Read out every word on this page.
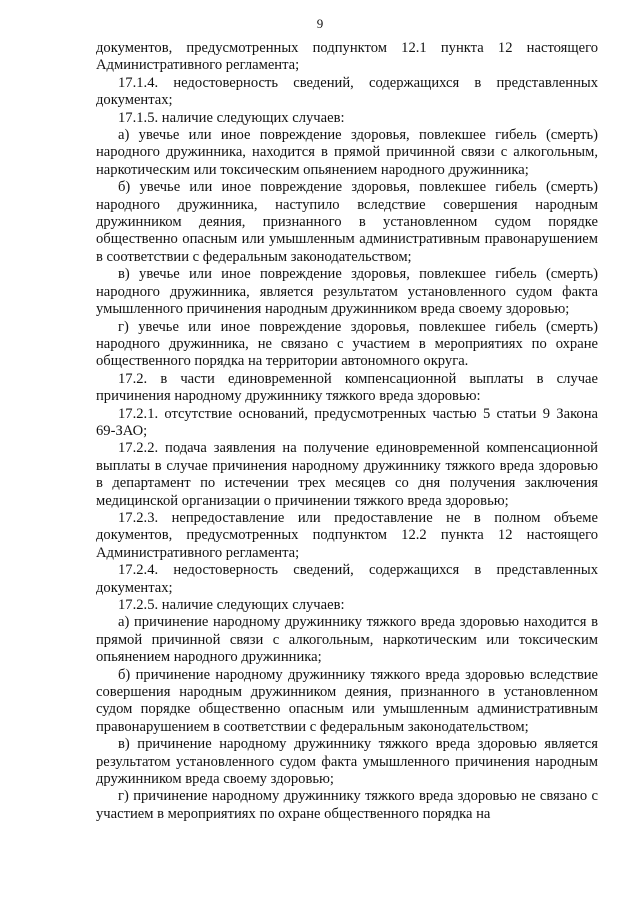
9

документов, предусмотренных подпунктом 12.1 пункта 12 настоящего Административного регламента;

17.1.4. недостоверность сведений, содержащихся в представленных документах;

17.1.5. наличие следующих случаев:

а) увечье или иное повреждение здоровья, повлекшее гибель (смерть) народного дружинника, находится в прямой причинной связи с алкогольным, наркотическим или токсическим опьянением народного дружинника;

б) увечье или иное повреждение здоровья, повлекшее гибель (смерть) народного дружинника, наступило вследствие совершения народным дружинником деяния, признанного в установленном судом порядке общественно опасным или умышленным административным правонарушением в соответствии с федеральным законодательством;

в) увечье или иное повреждение здоровья, повлекшее гибель (смерть) народного дружинника, является результатом установленного судом факта умышленного причинения народным дружинником вреда своему здоровью;

г) увечье или иное повреждение здоровья, повлекшее гибель (смерть) народного дружинника, не связано с участием в мероприятиях по охране общественного порядка на территории автономного округа.

17.2. в части единовременной компенсационной выплаты в случае причинения народному дружиннику тяжкого вреда здоровью:

17.2.1. отсутствие оснований, предусмотренных частью 5 статьи 9 Закона 69-ЗАО;

17.2.2. подача заявления на получение единовременной компенсационной выплаты в случае причинения народному дружиннику тяжкого вреда здоровью в департамент по истечении трех месяцев со дня получения заключения медицинской организации о причинении тяжкого вреда здоровью;

17.2.3. непредоставление или предоставление не в полном объеме документов, предусмотренных подпунктом 12.2 пункта 12 настоящего Административного регламента;

17.2.4. недостоверность сведений, содержащихся в представленных документах;

17.2.5. наличие следующих случаев:

а) причинение народному дружиннику тяжкого вреда здоровью находится в прямой причинной связи с алкогольным, наркотическим или токсическим опьянением народного дружинника;

б) причинение народному дружиннику тяжкого вреда здоровью вследствие совершения народным дружинником деяния, признанного в установленном судом порядке общественно опасным или умышленным административным правонарушением в соответствии с федеральным законодательством;

в) причинение народному дружиннику тяжкого вреда здоровью является результатом установленного судом факта умышленного причинения народным дружинником вреда своему здоровью;

г) причинение народному дружиннику тяжкого вреда здоровью не связано с участием в мероприятиях по охране общественного порядка на
